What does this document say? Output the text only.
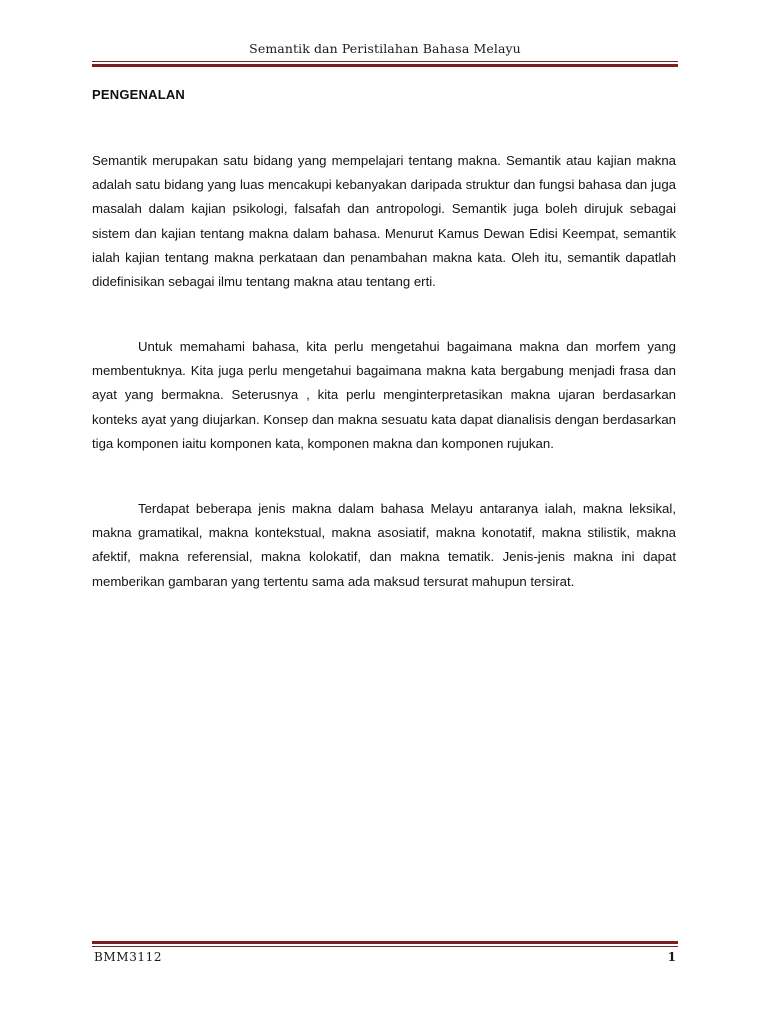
Semantik dan Peristilahan Bahasa Melayu
PENGENALAN

Semantik merupakan satu bidang yang mempelajari tentang makna. Semantik atau kajian makna adalah satu bidang yang luas mencakupi kebanyakan daripada struktur dan fungsi bahasa dan juga masalah dalam kajian psikologi, falsafah dan antropologi. Semantik juga boleh dirujuk sebagai sistem dan kajian tentang makna dalam bahasa. Menurut Kamus Dewan Edisi Keempat, semantik ialah kajian tentang makna perkataan dan penambahan makna kata. Oleh itu, semantik dapatlah didefinisikan sebagai ilmu tentang makna atau tentang erti.

Untuk memahami bahasa, kita perlu mengetahui bagaimana makna dan morfem yang membentuknya. Kita juga perlu mengetahui bagaimana makna kata bergabung menjadi frasa dan ayat yang bermakna. Seterusnya , kita perlu menginterpretasikan makna ujaran berdasarkan konteks ayat yang diujarkan. Konsep dan makna sesuatu kata dapat dianalisis dengan berdasarkan tiga komponen iaitu komponen kata, komponen makna dan komponen rujukan.

Terdapat beberapa jenis makna dalam bahasa Melayu antaranya ialah, makna leksikal, makna gramatikal, makna kontekstual, makna asosiatif, makna konotatif, makna stilistik, makna afektif, makna referensial, makna kolokatif, dan makna tematik. Jenis-jenis makna ini dapat memberikan gambaran yang tertentu sama ada maksud tersurat mahupun tersirat.

BMM3112	1
